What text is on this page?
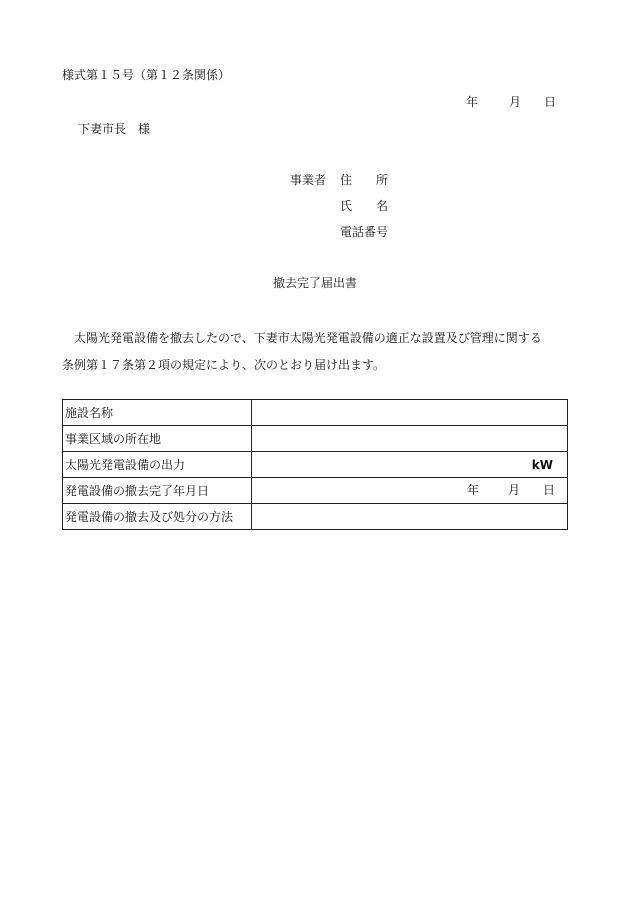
様式第１５号（第１２条関係）
年	月 日
下妻市長　様
事業者 住　　所
氏　　名
電話番号
撤去完了届出書
太陽光発電設備を撤去したので、下妻市太陽光発電設備の適正な設置及び管理に関する
条例第１７条第２項の規定により、次のとおり届け出ます。
施設名称	
事業区域の所在地	
太陽光発電設備の出力	kW

発電設備の撤去完了年月日	年 月 日

発電設備の撤去及び処分の方法	
